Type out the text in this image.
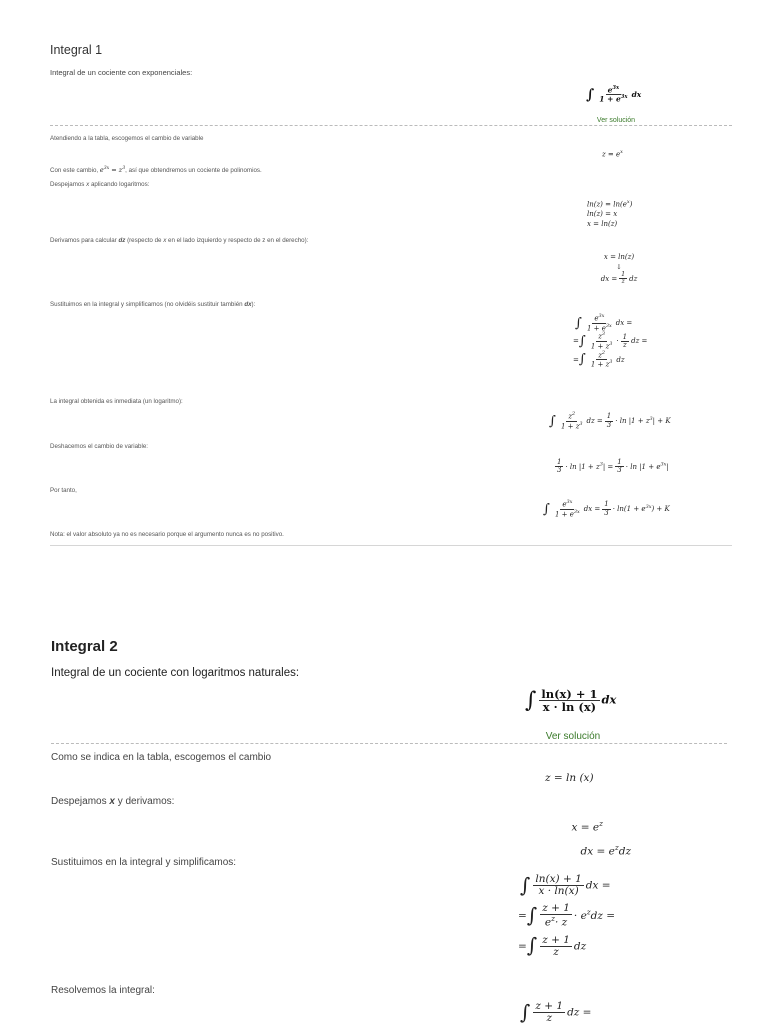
Integral 1
Integral de un cociente con exponenciales:
∫ $\frac{e^{3x}}{1 + e^{3x}}$ dx
Ver solución
Atendiendo a la tabla, escogemos el cambio de variable
$z = e^x$
Con este cambio, $e^{3x} = z^3$, así que obtendremos un cociente de polinomios.
Despejamos x aplicando logaritmos:
$\ln(z) = \ln(e^x)$
ln(z) = x
x = ln(z)
Derivamos para calcular dz (respecto de x en el lado izquierdo y respecto de z en el derecho):
x = ln(z)
↓
dx = $\frac{1}{z}$ dz
Sustituimos en la integral y simplificamos (no olvidéis sustituir también dx):
∫ $\frac{e^{3x}}{1 + e^{3x}}$ dx =
=∫ $\frac{z^3}{1 + z^3} \cdot \frac{1}{z}$ dz =
=∫ $\frac{z^2}{1 + z^3}$ dz
La integral obtenida es inmediata (un logaritmo):
∫ $\frac{z^2}{1 + z^3}$ dz = $\frac{1}{3} \cdot \ln |1 + z^3| + K$
Deshacemos el cambio de variable:
$\frac{1}{3} \cdot \ln |1 + z^3| = \frac{1}{3} \cdot \ln |1 + e^{3x}|$
Por tanto,
∫ $\frac{e^{3x}}{1 + e^{3x}}$ dx = $\frac{1}{3} \cdot \ln(1 + e^{3x}) + K$
Nota: el valor absoluto ya no es necesario porque el argumento nunca es no positivo.
Integral 2
Integral de un cociente con logaritmos naturales:
∫ $\frac{\ln(x) + 1}{x \cdot \ln (x)}$ dx
Ver solución
Como se indica en la tabla, escogemos el cambio
z = ln (x)
Despejamos x y derivamos:
$x = e^z$
dx = $e^zdz$
Sustituimos en la integral y simplificamos:
∫ $\frac{\ln(x) + 1}{x \cdot \ln(x)}$ dx =
=∫ $\frac{z + 1}{e^z\cdot z} \cdot e^zdz$ =
=∫ $\frac{z + 1}{z}$ dz
Resolvemos la integral:
∫ $\frac{z + 1}{z}$ dz =
